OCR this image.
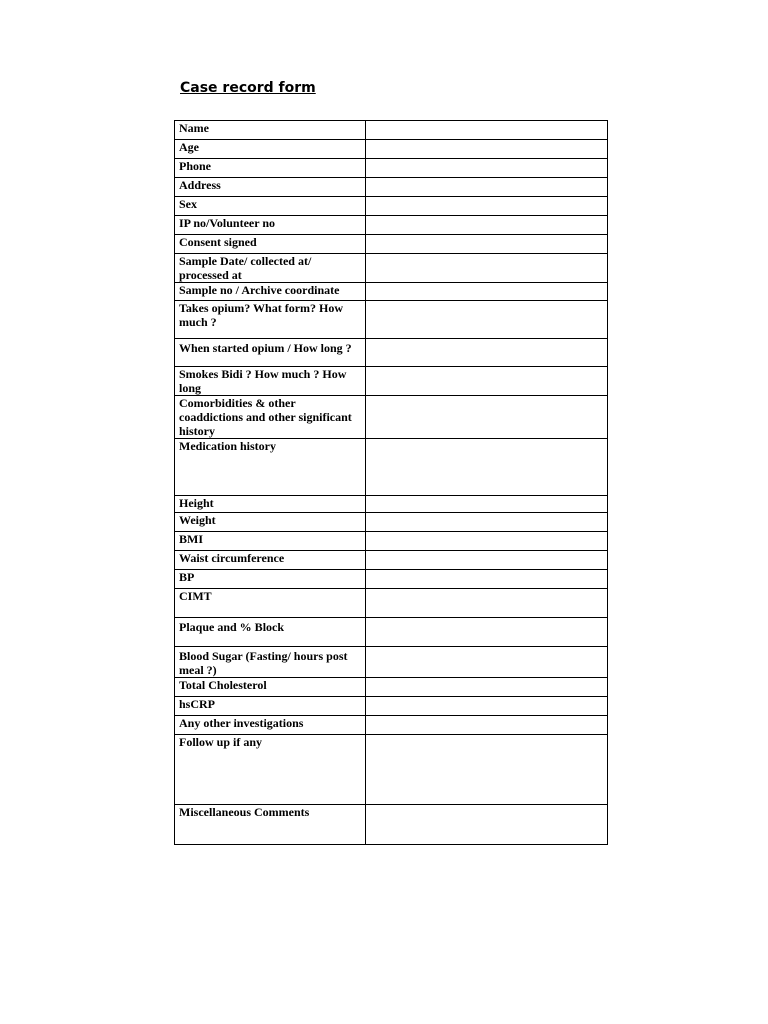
Case record form
Name	
Age	
Phone	
Address	
Sex	
IP no/Volunteer no	
Consent signed	
Sample Date/ collected at/ processed at	
Sample no / Archive coordinate	
Takes opium? What form? How much ?	
When started opium / How long ?	
Smokes Bidi ? How much ? How long	
Comorbidities & other coaddictions and other significant history	
Medication history	
Height	
Weight	
BMI	
Waist circumference	
BP	
CIMT	
Plaque and % Block	
Blood Sugar (Fasting/ hours post meal ?)	
Total Cholesterol	
hsCRP	
Any other investigations	
Follow up if any	
Miscellaneous Comments	
